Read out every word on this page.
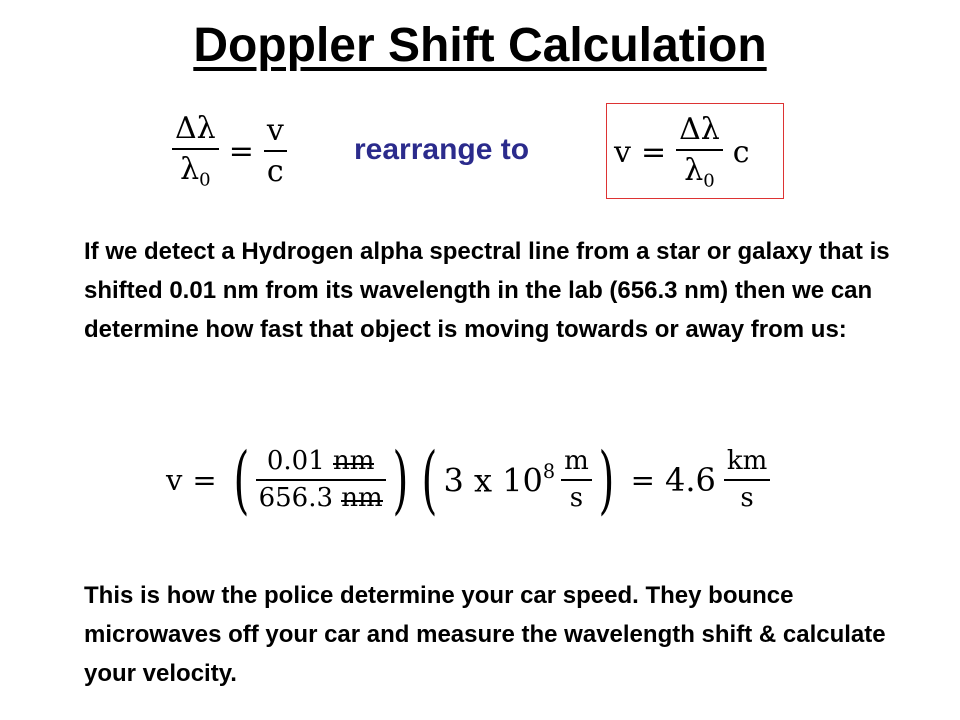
Doppler Shift Calculation
$\frac{\Delta\lambda}{\lambda_0} = \frac{v}{c}$ rearrange to	$v = \frac{\Delta\lambda}{\lambda_0}$ c
If we detect a Hydrogen alpha spectral line from a star or galaxy that is shifted 0.01 nm from its wavelength in the lab (656.3 nm) then we can determine how fast that object is moving towards or away from us:
v = ( $\frac{0.01 nm}{656.3 nm}$ ) ( 3 x $10^8 \frac{m}{s}$ ) = $4.6 \frac{km}{s}$
This is how the police determine your car speed. They bounce microwaves off your car and measure the wavelength shift & calculate your velocity.
